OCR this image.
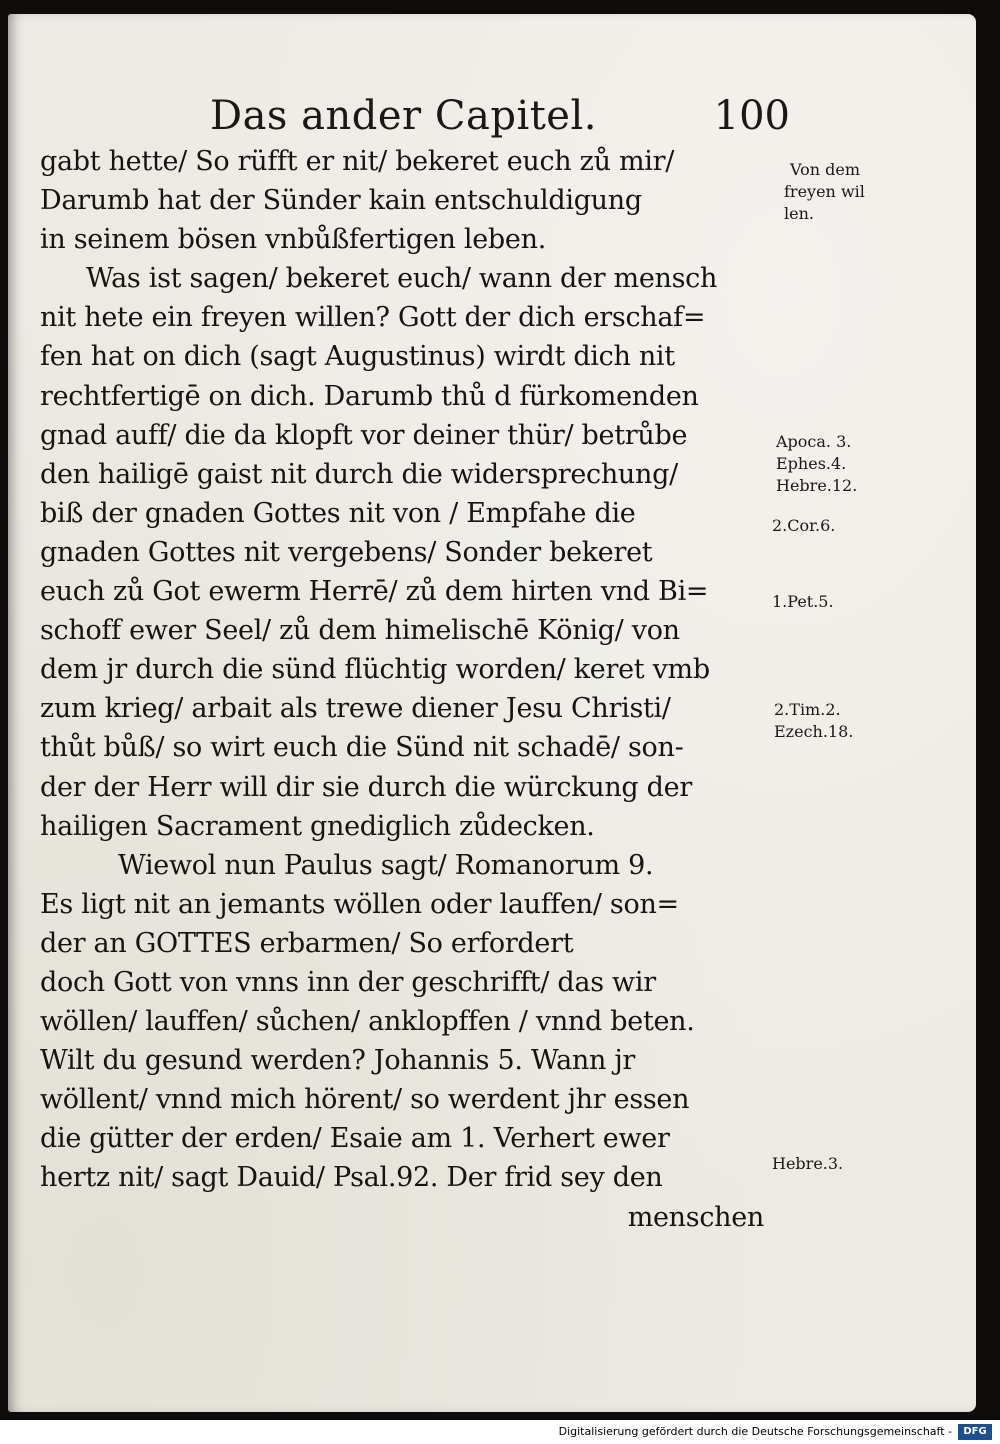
Das ander Capitel.	100
gabt hette/ So rüfft er nit/ bekeret euch zů mir/
Darumb hat der Sünder kain entschuldigung
in seinem bösen vnbůßfertigen leben.
Was ist sagen/ bekeret euch/ wann der mensch
nit hete ein freyen willen? Gott der dich erschaf=
fen hat on dich (sagt Augustinus) wirdt dich nit
rechtfertigē on dich. Darumb thů d fürkomenden
gnad auff/ die da klopft vor deiner thür/ betrůbe
den hailigē gaist nit durch die widersprechung/
biß der gnaden Gottes nit von / Empfahe die
gnaden Gottes nit vergebens/ Sonder bekeret
euch zů Got ewerm Herrē/ zů dem hirten vnd Bi=
schoff ewer Seel/ zů dem himelischē König/ von
dem jr durch die sünd flüchtig worden/ keret vmb
zum krieg/ arbait als trewe diener Jesu Christi/
thůt bůß/ so wirt euch die Sünd nit schadē/ son-
der der Herr will dir sie durch die würckung der
hailigen Sacrament gnediglich zůdecken.
Wiewol nun Paulus sagt/ Romanorum 9.
Es ligt nit an jemants wöllen oder lauffen/ son=
der an GOTTES erbarmen/ So erfordert
doch Gott von vnns inn der geschrifft/ das wir
wöllen/ lauffen/ sůchen/ anklopffen / vnnd beten.
Wilt du gesund werden? Johannis 5. Wann jr
wöllent/ vnnd mich hörent/ so werdent jhr essen
die gütter der erden/ Esaie am 1. Verhert ewer
hertz nit/ sagt Dauid/ Psal.92. Der frid sey den
menschen
Von dem
freyen wil
len.
Apoca. 3.
Ephes.4.
Hebre.12.
2.Cor.6.
1.Pet.5.
2.Tim.2.
Ezech.18.
Hebre.3.
Digitalisierung gefördert durch die Deutsche Forschungsgemeinschaft -	DFG
